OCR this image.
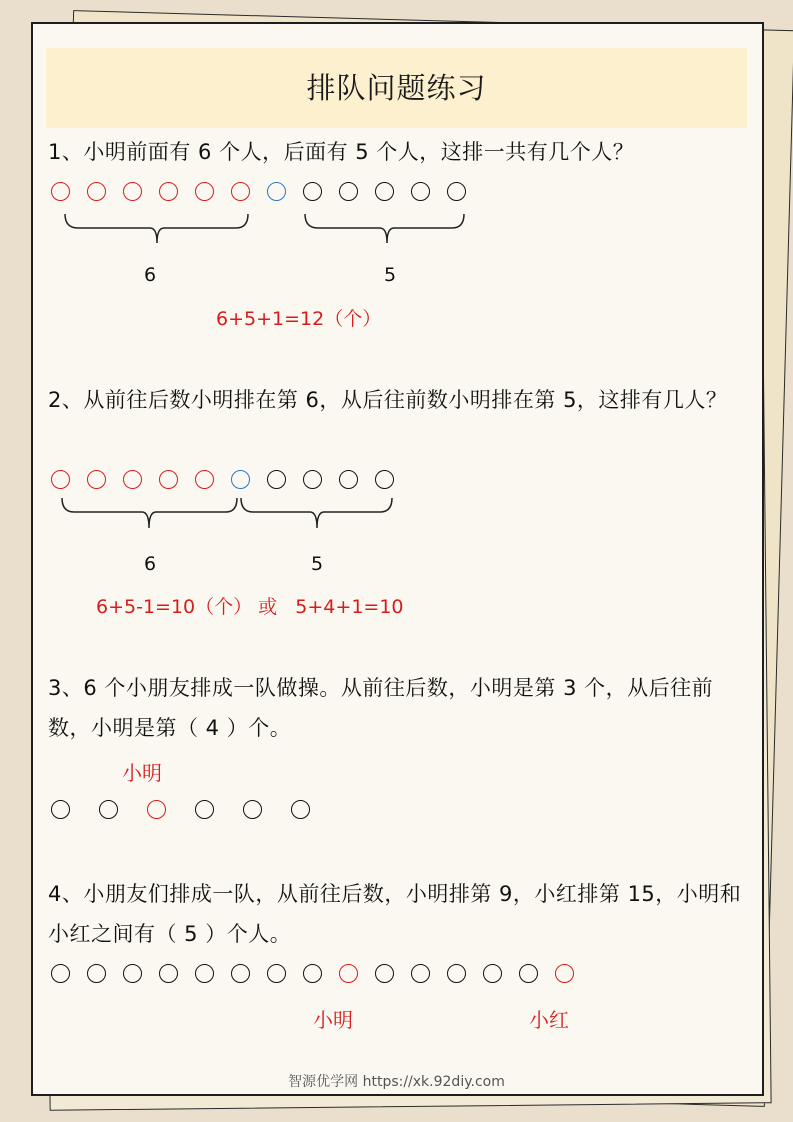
排队问题练习
1、小明前面有 6 个人，后面有 5 个人，这排一共有几个人？
6	5
6+5+1=12（个）
2、从前往后数小明排在第 6，从后往前数小明排在第 5，这排有几人？
6	5
6+5-1=10（个） 或   5+4+1=10
3、6 个小朋友排成一队做操。从前往后数，小明是第 3 个，从后往前数，小明是第（ 4 ）个。
小明
4、小朋友们排成一队，从前往后数，小明排第 9，小红排第 15，小明和小红之间有（ 5 ）个人。
小明	小红
智源优学网 https://xk.92diy.com
